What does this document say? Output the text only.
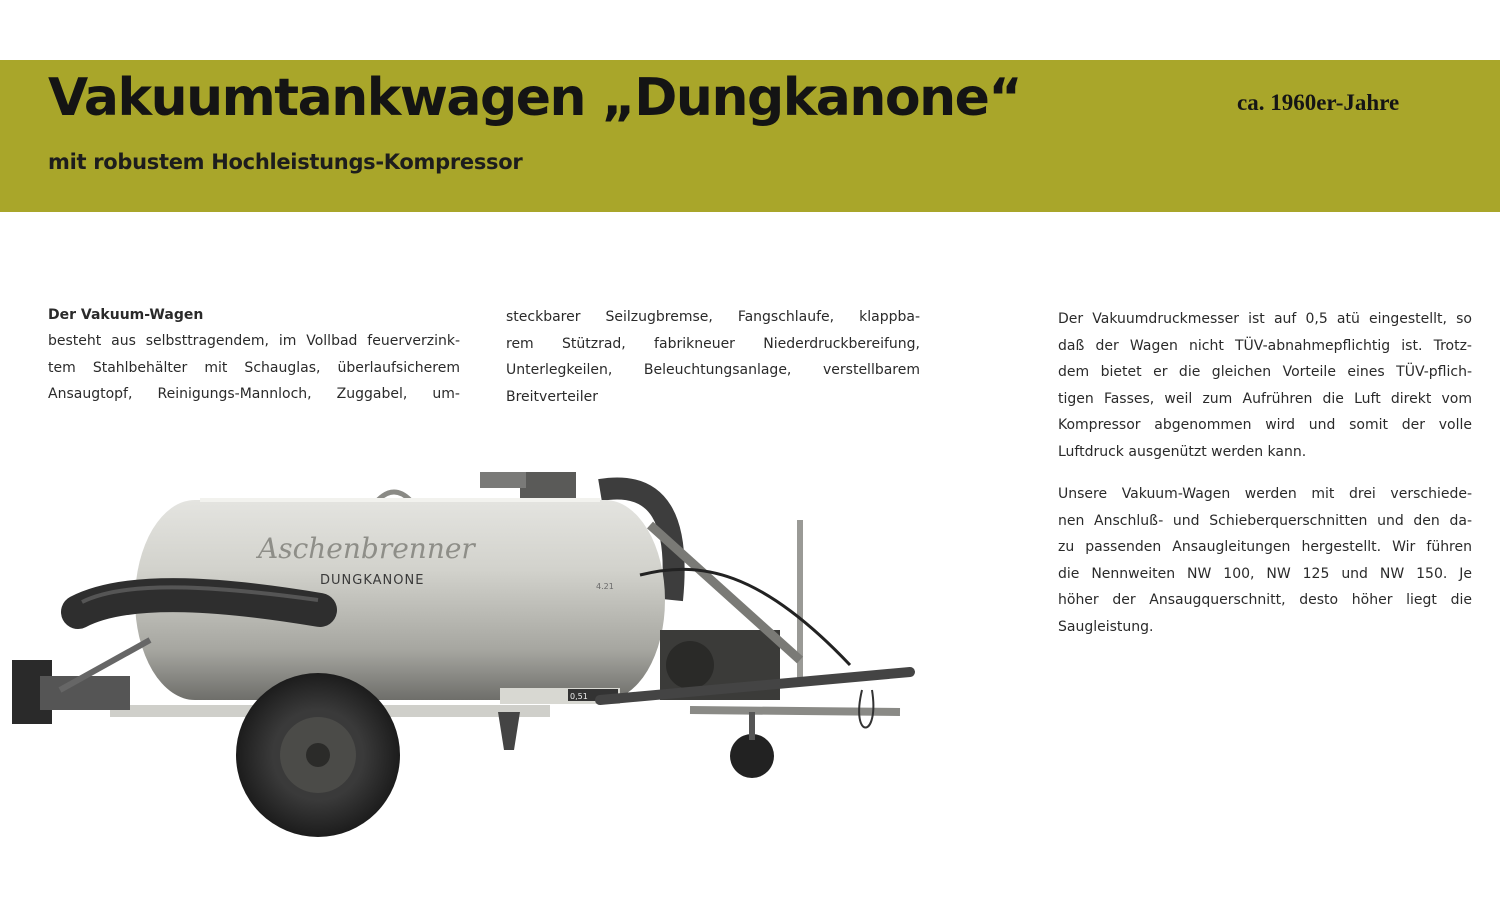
Vakuumtankwagen „Dungkanone“
mit robustem Hochleistungs-Kompressor
ca. 1960er-Jahre

Der Vakuum-Wagen

besteht aus selbsttragendem, im Vollbad feuerverzink-

tem Stahlbehälter mit Schauglas, überlaufsicherem

Ansaugtopf, Reinigungs-Mannloch, Zuggabel, um-

steckbarer Seilzugbremse, Fangschlaufe, klappba-

rem Stützrad, fabrikneuer Niederdruckbereifung,

Unterlegkeilen, Beleuchtungsanlage, verstellbarem

Breitverteiler

Der Vakuumdruckmesser ist auf 0,5 atü eingestellt, so

daß der Wagen nicht TÜV-abnahmepflichtig ist. Trotz-

dem bietet er die gleichen Vorteile eines TÜV-pflich-

tigen Fasses, weil zum Aufrühren die Luft direkt vom

Kompressor abgenommen wird und somit der volle

Luftdruck ausgenützt werden kann.

Unsere Vakuum-Wagen werden mit drei verschiede-

nen Anschluß- und Schieberquerschnitten und den da-

zu passenden Ansaugleitungen hergestellt. Wir führen

die Nennweiten NW 100, NW 125 und NW 150. Je

höher der Ansaugquerschnitt, desto höher liegt die

Saugleistung.

Aschenbrenner
DUNGKANONE	4.21
0,51
